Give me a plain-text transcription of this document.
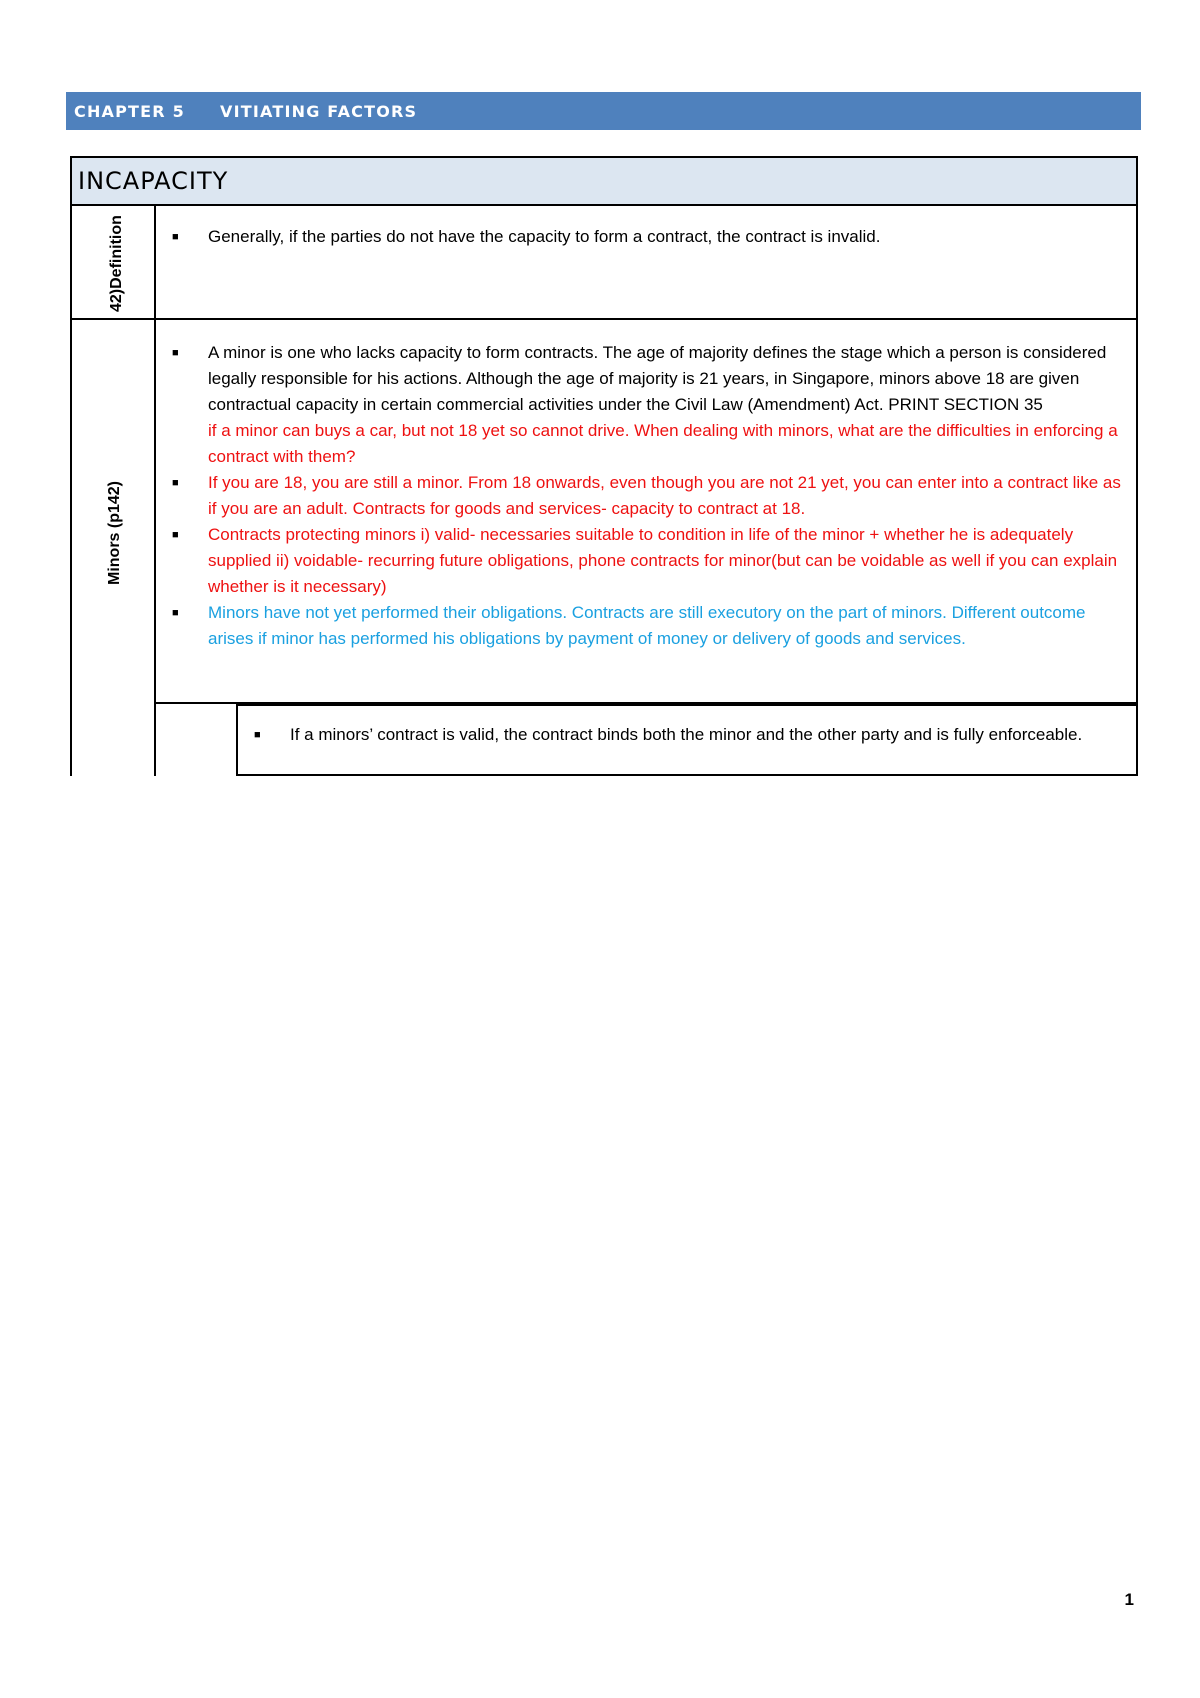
CHAPTER 5	VITIATING FACTORS
INCAPACITY
42)Definition	■ Generally, if the parties do not have the capacity to form a contract, the contract is invalid.
Minors (p142)
■ A minor is one who lacks capacity to form contracts. The age of majority defines the stage which a person is considered legally responsible for his actions. Although the age of majority is 21 years, in Singapore, minors above 18 are given contractual capacity in certain commercial activities under the Civil Law (Amendment) Act. PRINT SECTION 35
if a minor can buys a car, but not 18 yet so cannot drive. When dealing with minors, what are the difficulties in enforcing a contract with them?
■ If you are 18, you are still a minor. From 18 onwards, even though you are not 21 yet, you can enter into a contract like as if you are an adult. Contracts for goods and services- capacity to contract at 18.
■ Contracts protecting minors i) valid- necessaries suitable to condition in life of the minor + whether he is adequately supplied ii) voidable- recurring future obligations, phone contracts for minor(but can be voidable as well if you can explain whether is it necessary)
■ Minors have not yet performed their obligations. Contracts are still executory on the part of minors. Different outcome arises if minor has performed his obligations by payment of money or delivery of goods and services.
■ If a minors’ contract is valid, the contract binds both the minor and the other party and is fully enforceable.
1
